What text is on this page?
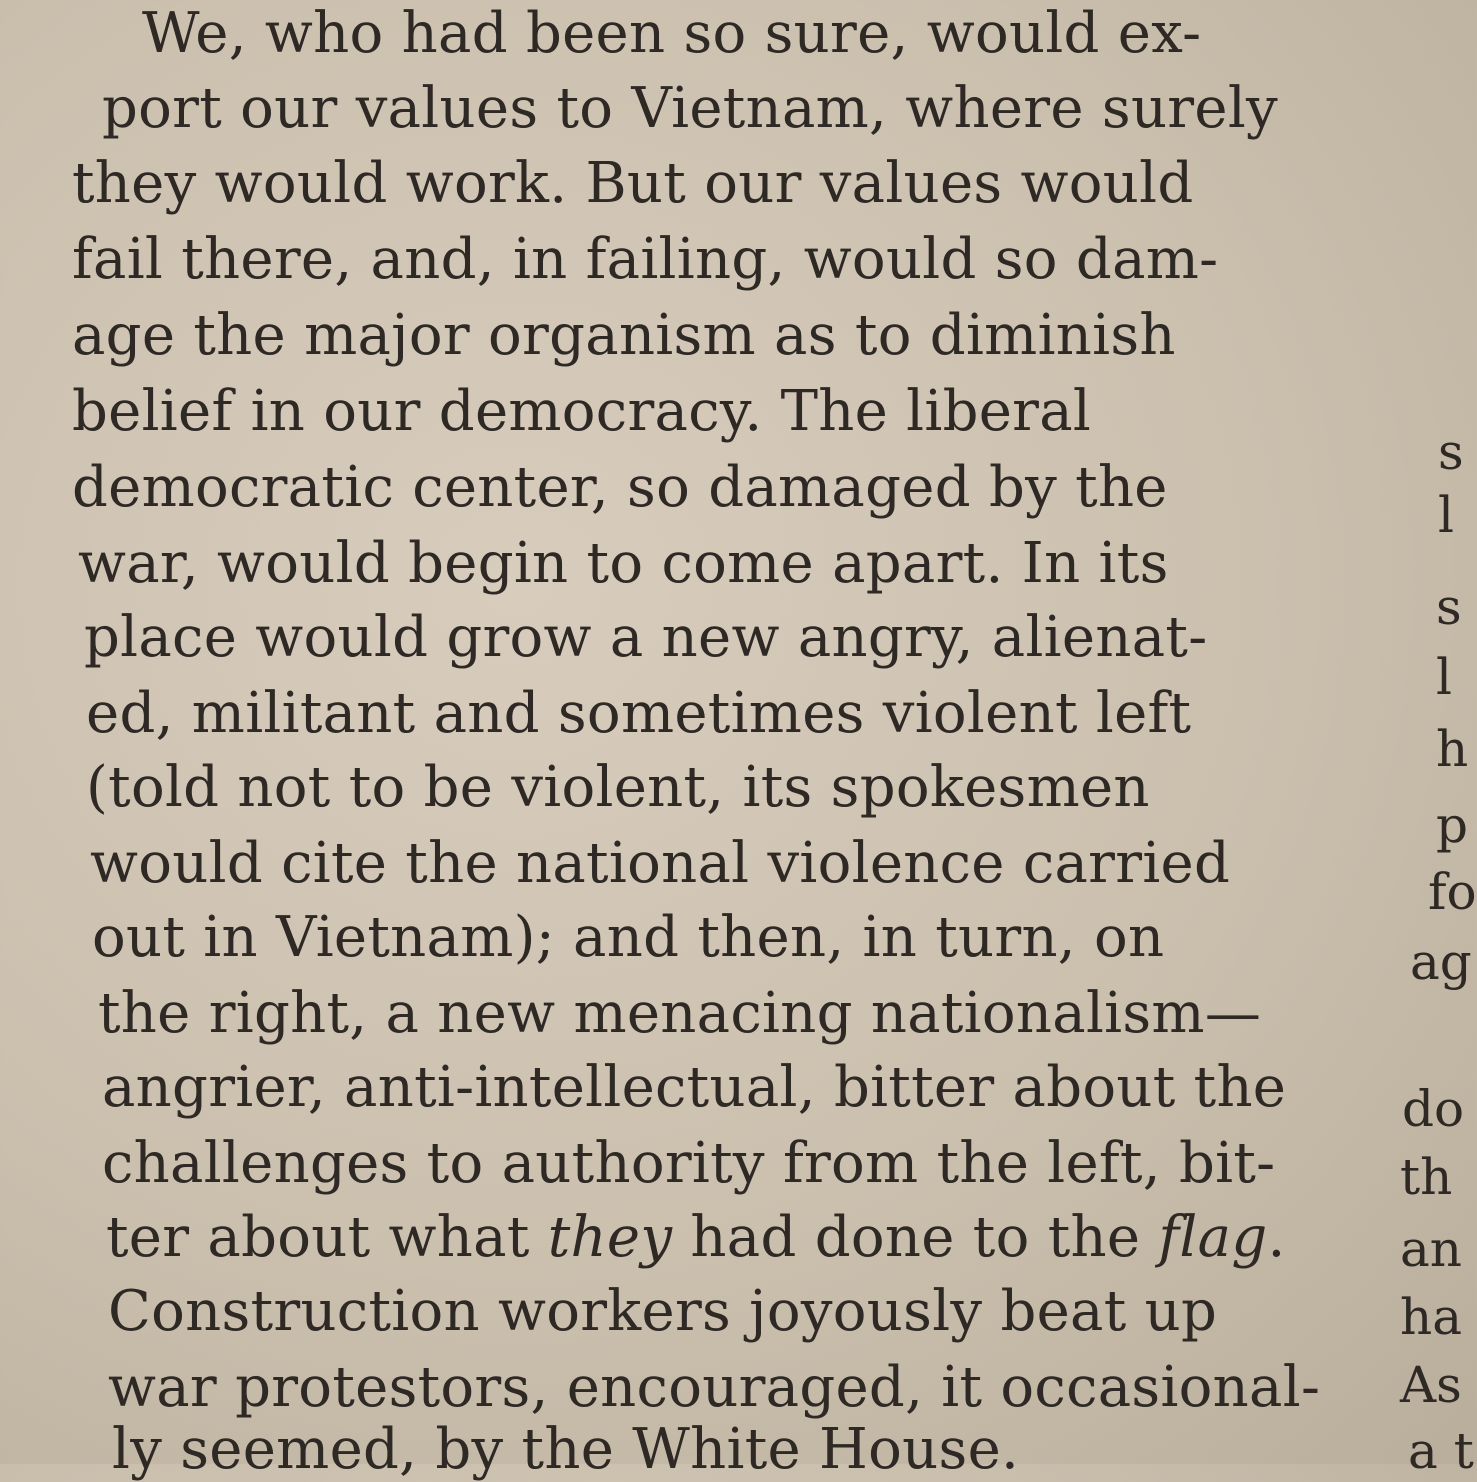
We, who had been so sure, would ex-
port our values to Vietnam, where surely
they would work. But our values would
fail there, and, in failing, would so dam-
age the major organism as to diminish
belief in our democracy. The liberal
democratic center, so damaged by the
war, would begin to come apart. In its
place would grow a new angry, alienat-
ed, militant and sometimes violent left
(told not to be violent, its spokesmen
would cite the national violence carried
out in Vietnam); and then, in turn, on
the right, a new menacing nationalism—
angrier, anti-intellectual, bitter about the
challenges to authority from the left, bit-
ter about what they had done to the flag.
Construction workers joyously beat up
war protestors, encouraged, it occasional-
ly seemed, by the White House.
s
l
s
l
h
p
fo
ag
do
th
an
ha
As
a t
